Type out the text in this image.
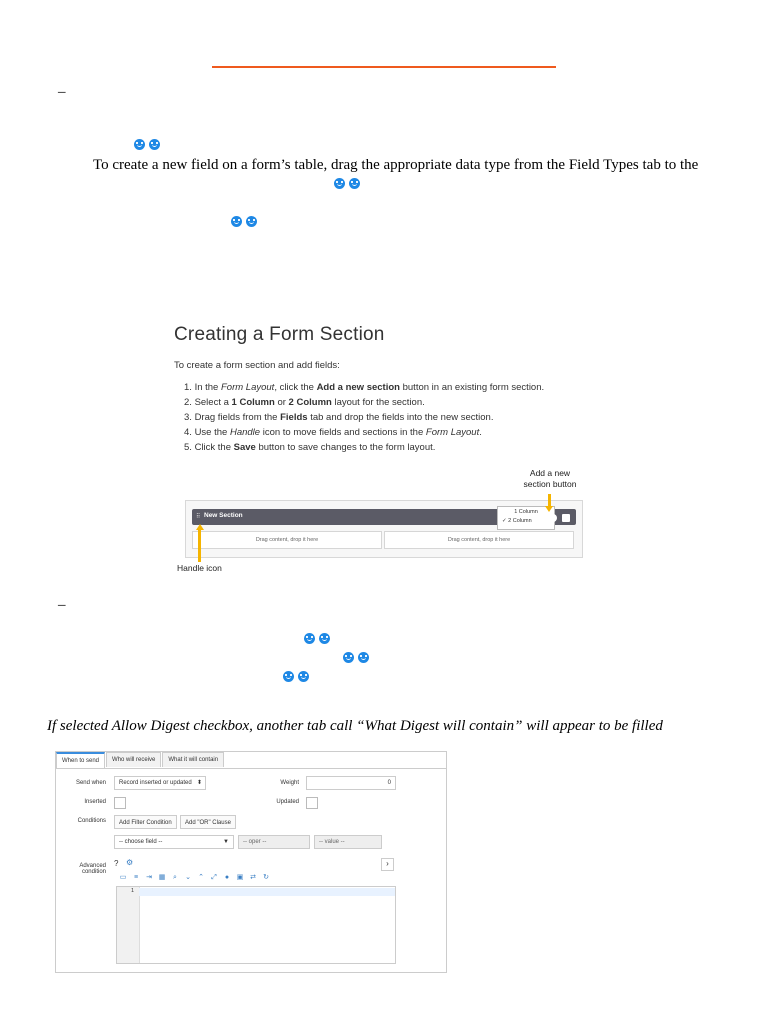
–
To create a new field on a form’s table, drag the appropriate data type from the Field Types tab to the
Creating a Form Section
To create a form section and add fields:
1. In the Form Layout, click the Add a new section button in an existing form section.
2. Select a 1 Column or 2 Column layout for the section.
3. Drag fields from the Fields tab and drop the fields into the new section.
4. Use the Handle icon to move fields and sections in the Form Layout.
5. Click the Save button to save changes to the form layout.
Add a new
section button
⠿ New Section
Drag content, drop it here	Drag content, drop it here
1 Column
✓ 2 Column
Handle icon
–
If selected Allow Digest checkbox, another tab call “What Digest will contain” will appear to be filled
When to send	Who will receive	What it will contain
Send when	Record inserted or updated ⬍	Weight	0
Inserted	Updated
Conditions	Add Filter Condition	Add "OR" Clause
-- choose field --	▼	-- oper --	-- value --
Advanced
condition
? ⚙	›
▭	≡	⇥ ▦	⌕	⌄ ⌃	⤢	●	▣ ⇄ ↻
1
